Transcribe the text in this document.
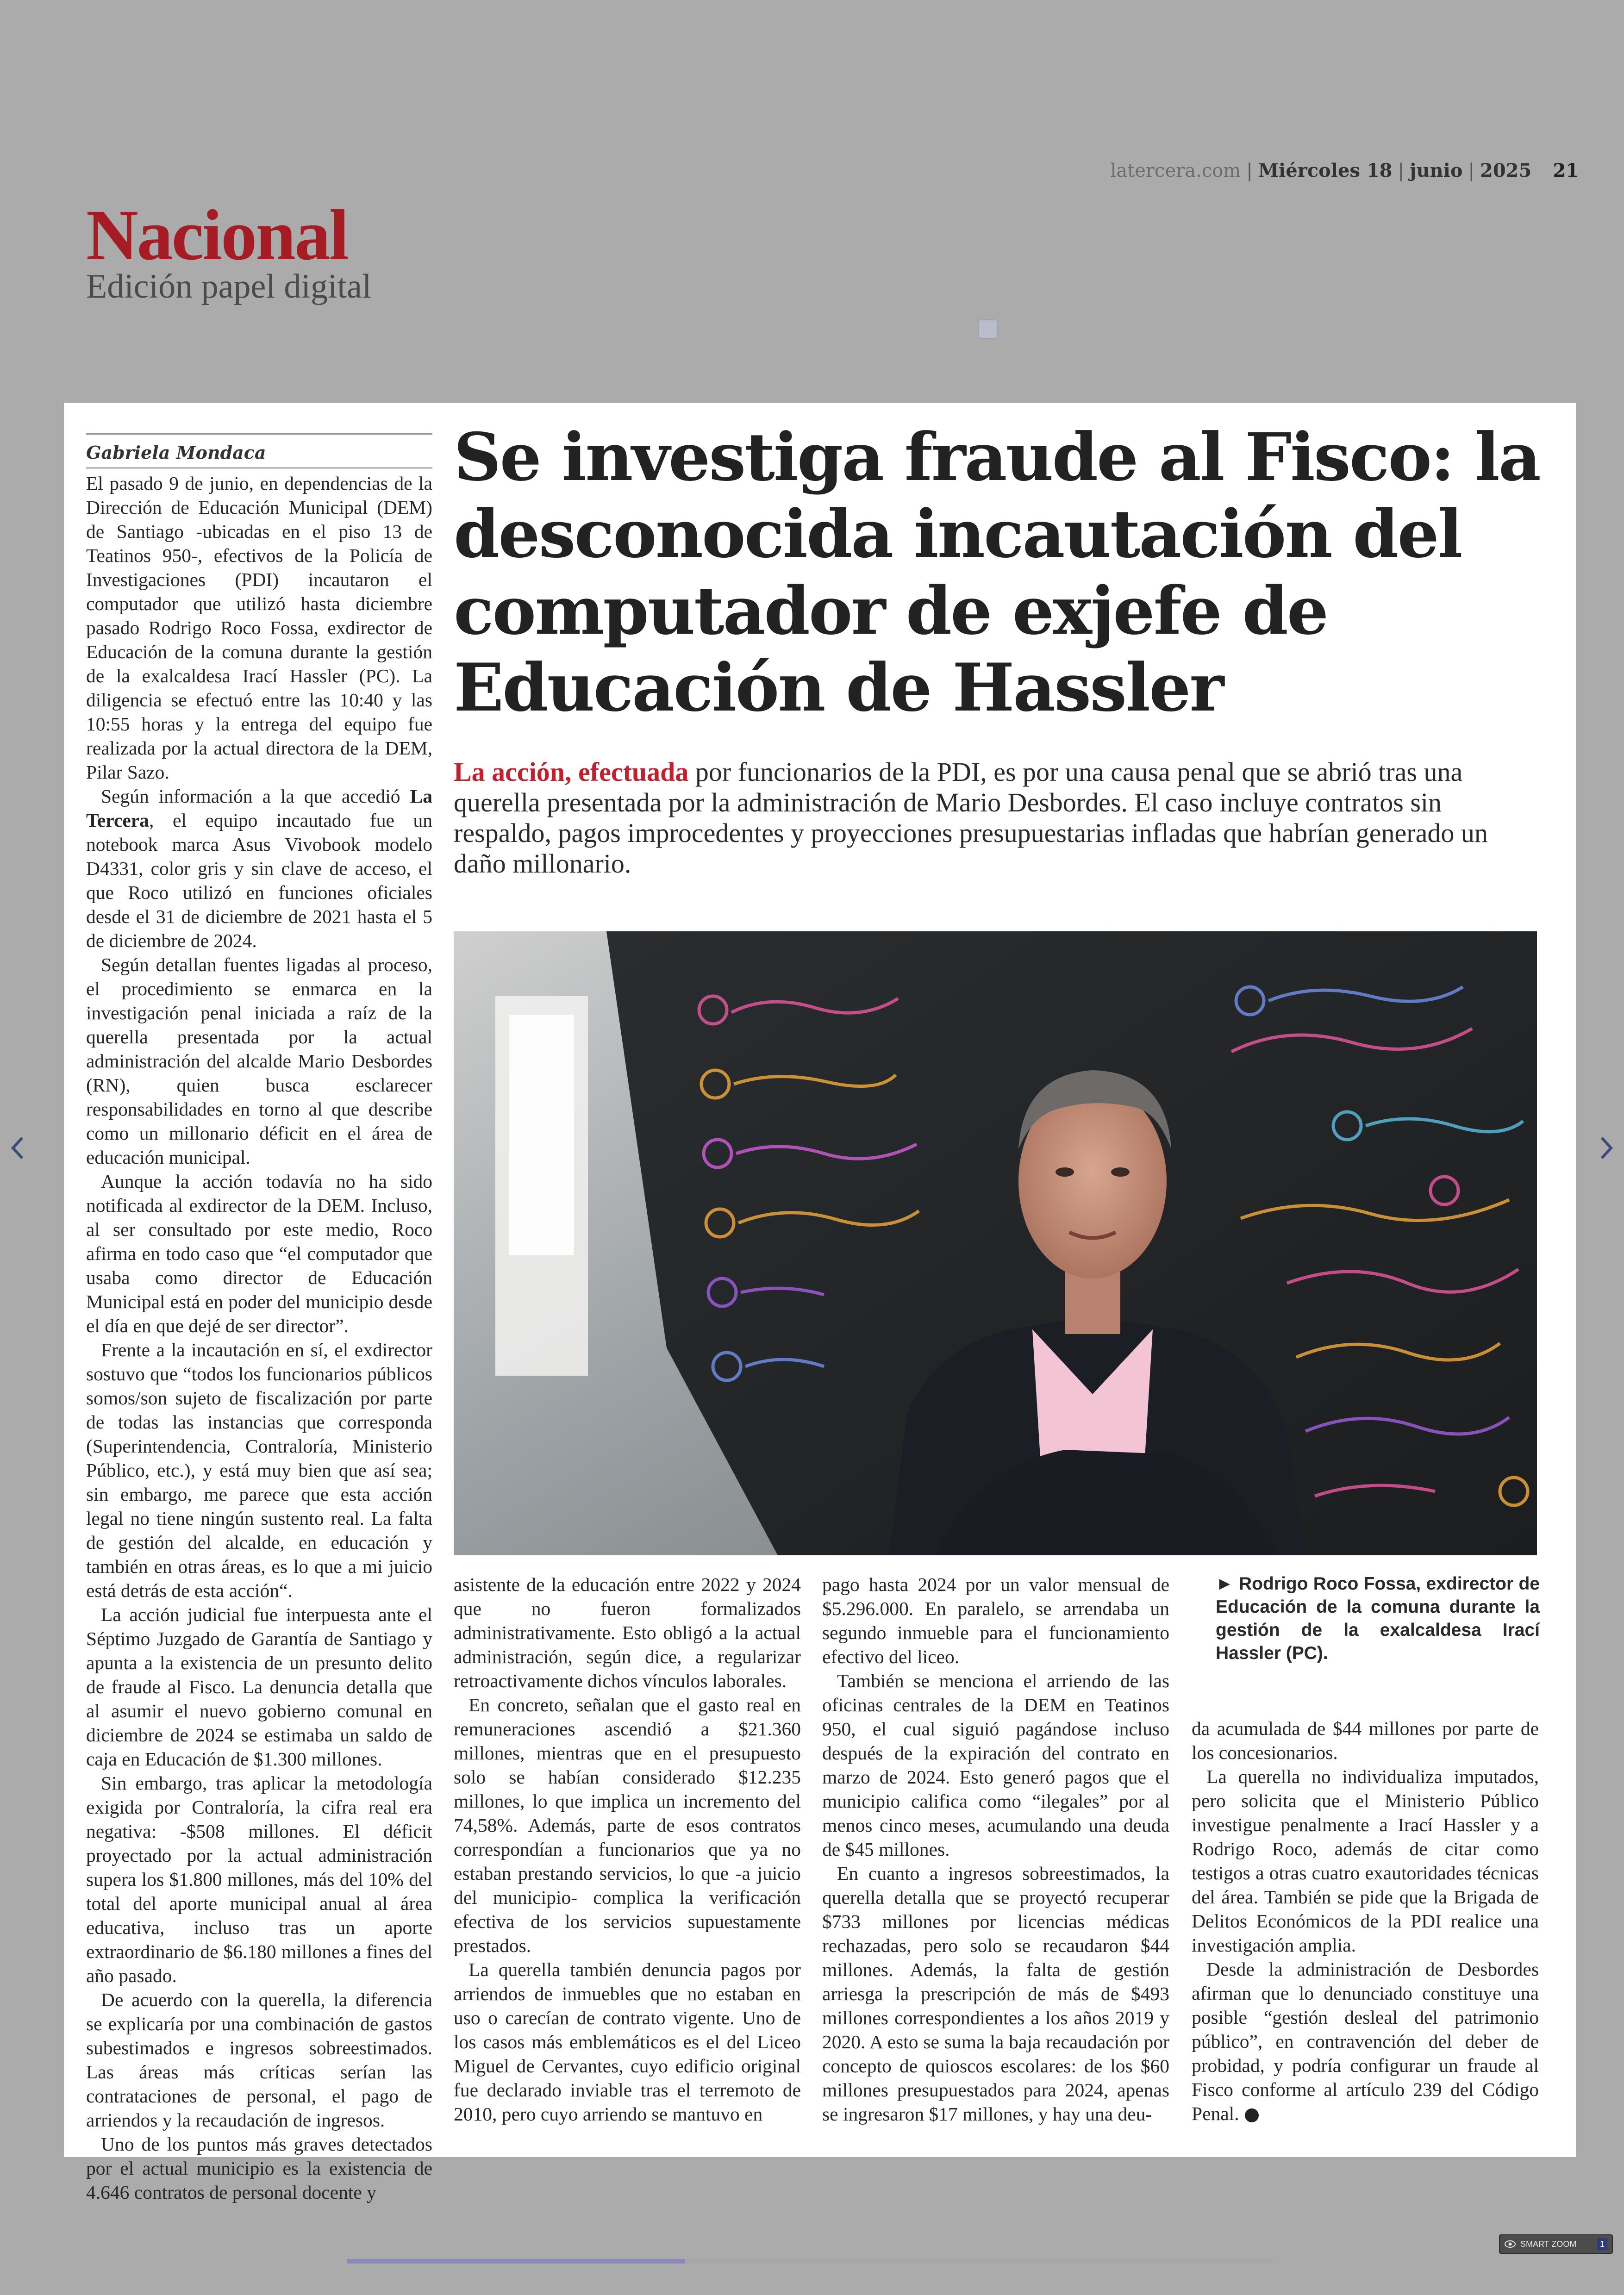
latercera.com | Miércoles 18 | junio | 2025 21
Nacional
Edición papel digital
Gabriela Mondaca

El pasado 9 de junio, en dependencias de la Dirección de Educación Municipal (DEM) de Santiago -ubicadas en el piso 13 de Teatinos 950-, efectivos de la Policía de Investigaciones (PDI) incautaron el computador que utilizó hasta diciembre pasado Rodrigo Roco Fossa, exdirector de Educación de la comuna durante la gestión de la exalcaldesa Irací Hassler (PC). La diligencia se efectuó entre las 10:40 y las 10:55 horas y la entrega del equipo fue realizada por la actual directora de la DEM, Pilar Sazo.

Según información a la que accedió La Tercera, el equipo incautado fue un notebook marca Asus Vivobook modelo D4331, color gris y sin clave de acceso, el que Roco utilizó en funciones oficiales desde el 31 de diciembre de 2021 hasta el 5 de diciembre de 2024.

Según detallan fuentes ligadas al proceso, el procedimiento se enmarca en la investigación penal iniciada a raíz de la querella presentada por la actual administración del alcalde Mario Desbordes (RN), quien busca esclarecer responsabilidades en torno al que describe como un millonario déficit en el área de educación municipal.

Aunque la acción todavía no ha sido notificada al exdirector de la DEM. Incluso, al ser consultado por este medio, Roco afirma en todo caso que “el computador que usaba como director de Educación Municipal está en poder del municipio desde el día en que dejé de ser director”.

Frente a la incautación en sí, el exdirector sostuvo que “todos los funcionarios públicos somos/son sujeto de fiscalización por parte de todas las instancias que corresponda (Superintendencia, Contraloría, Ministerio Público, etc.), y está muy bien que así sea; sin embargo, me parece que esta acción legal no tiene ningún sustento real. La falta de gestión del alcalde, en educación y también en otras áreas, es lo que a mi juicio está detrás de esta acción“.

La acción judicial fue interpuesta ante el Séptimo Juzgado de Garantía de Santiago y apunta a la existencia de un presunto delito de fraude al Fisco. La denuncia detalla que al asumir el nuevo gobierno comunal en diciembre de 2024 se estimaba un saldo de caja en Educación de $1.300 millones.

Sin embargo, tras aplicar la metodología exigida por Contraloría, la cifra real era negativa: -$508 millones. El déficit proyectado por la actual administración supera los $1.800 millones, más del 10% del total del aporte municipal anual al área educativa, incluso tras un aporte extraordinario de $6.180 millones a fines del año pasado.

De acuerdo con la querella, la diferencia se explicaría por una combinación de gastos subestimados e ingresos sobreestimados. Las áreas más críticas serían las contrataciones de personal, el pago de arriendos y la recaudación de ingresos.

Uno de los puntos más graves detectados por el actual municipio es la existencia de 4.646 contratos de personal docente y

Se investiga fraude al Fisco: la desconocida incautación del computador de exjefe de Educación de Hassler
La acción, efectuada por funcionarios de la PDI, es por una causa penal que se abrió tras una querella presentada por la administración de Mario Desbordes. El caso incluye contratos sin respaldo, pagos improcedentes y proyecciones presupuestarias infladas que habrían generado un daño millonario.
► Rodrigo Roco Fossa, exdirector de Educación de la comuna durante la gestión de la exalcaldesa Irací Hassler (PC).

asistente de la educación entre 2022 y 2024 que no fueron formalizados administrativamente. Esto obligó a la actual administración, según dice, a regularizar retroactivamente dichos vínculos laborales.

En concreto, señalan que el gasto real en remuneraciones ascendió a $21.360 millones, mientras que en el presupuesto solo se habían considerado $12.235 millones, lo que implica un incremento del 74,58%. Además, parte de esos contratos correspondían a funcionarios que ya no estaban prestando servicios, lo que -a juicio del municipio- complica la verificación efectiva de los servicios supuestamente prestados.

La querella también denuncia pagos por arriendos de inmuebles que no estaban en uso o carecían de contrato vigente. Uno de los casos más emblemáticos es el del Liceo Miguel de Cervantes, cuyo edificio original fue declarado inviable tras el terremoto de 2010, pero cuyo arriendo se mantuvo en

pago hasta 2024 por un valor mensual de $5.296.000. En paralelo, se arrendaba un segundo inmueble para el funcionamiento efectivo del liceo.

También se menciona el arriendo de las oficinas centrales de la DEM en Teatinos 950, el cual siguió pagándose incluso después de la expiración del contrato en marzo de 2024. Esto generó pagos que el municipio califica como “ilegales” por al menos cinco meses, acumulando una deuda de $45 millones.

En cuanto a ingresos sobreestimados, la querella detalla que se proyectó recuperar $733 millones por licencias médicas rechazadas, pero solo se recaudaron $44 millones. Además, la falta de gestión arriesga la prescripción de más de $493 millones correspondientes a los años 2019 y 2020. A esto se suma la baja recaudación por concepto de quioscos escolares: de los $60 millones presupuestados para 2024, apenas se ingresaron $17 millones, y hay una deu-

da acumulada de $44 millones por parte de los concesionarios.

La querella no individualiza imputados, pero solicita que el Ministerio Público investigue penalmente a Irací Hassler y a Rodrigo Roco, además de citar como testigos a otras cuatro exautoridades técnicas del área. También se pide que la Brigada de Delitos Económicos de la PDI realice una investigación amplia.

Desde la administración de Desbordes afirman que lo denunciado constituye una posible “gestión desleal del patrimonio público”, en contravención del deber de probidad, y podría configurar un fraude al Fisco conforme al artículo 239 del Código Penal.

SMART ZOOM	1
